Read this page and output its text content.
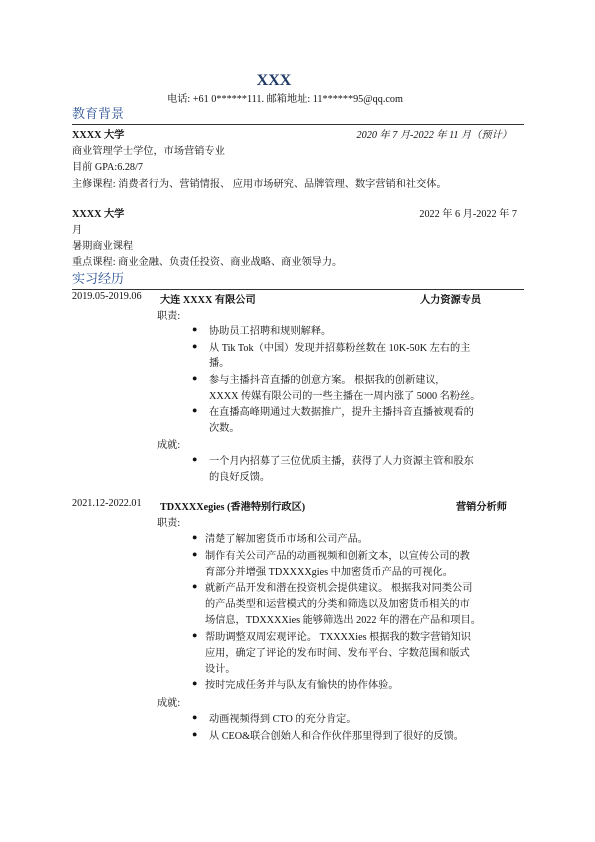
XXX
电话: +61 0******111. 邮箱地址: 11******95@qq.com
教育背景
XXXX 大学	2020 年 7 月-2022 年 11 月（预计）
商业管理学士学位，市场营销专业
目前 GPA:6.28/7
主修课程: 消费者行为、营销情报、 应用市场研究、品牌管理、数字营销和社交体。
XXXX 大学	2022 年 6 月-2022 年 7
月
暑期商业课程
重点课程: 商业金融、负责任投资、商业战略、商业领导力。
实习经历
2019.05-2019.06 大连 XXXX 有限公司	人力资源专员
职责:
● 协助员工招聘和规则解释。
● 从 Tik Tok（中国）发现并招募粉丝数在 10K-50K 左右的主
播。
● 参与主播抖音直播的创意方案。 根据我的创新建议,
XXXX 传媒有限公司的一些主播在一周内涨了 5000 名粉丝。
● 在直播高峰期通过大数据推广，提升主播抖音直播被观看的
次数。
成就:
● 一个月内招募了三位优质主播，获得了人力资源主管和股东
的良好反馈。
2021.12-2022.01 TDXXXXegies (香港特别行政区)	营销分析师
职责:
● 清楚了解加密货币市场和公司产品。
● 制作有关公司产品的动画视频和创新文本，以宣传公司的教
育部分并增强 TDXXXXgies 中加密货币产品的可视化。
● 就新产品开发和潜在投资机会提供建议。 根据我对同类公司
的产品类型和运营模式的分类和筛选以及加密货币相关的市
场信息，TDXXXXies 能够筛选出 2022 年的潜在产品和项目。
● 帮助调整双周宏观评论。 TXXXXies 根据我的数字营销知识
应用，确定了评论的发布时间、发布平台、字数范围和版式
设计。
● 按时完成任务并与队友有愉快的协作体验。
成就:
● 动画视频得到 CTO 的充分肯定。
● 从 CEO&联合创始人和合作伙伴那里得到了很好的反馈。
